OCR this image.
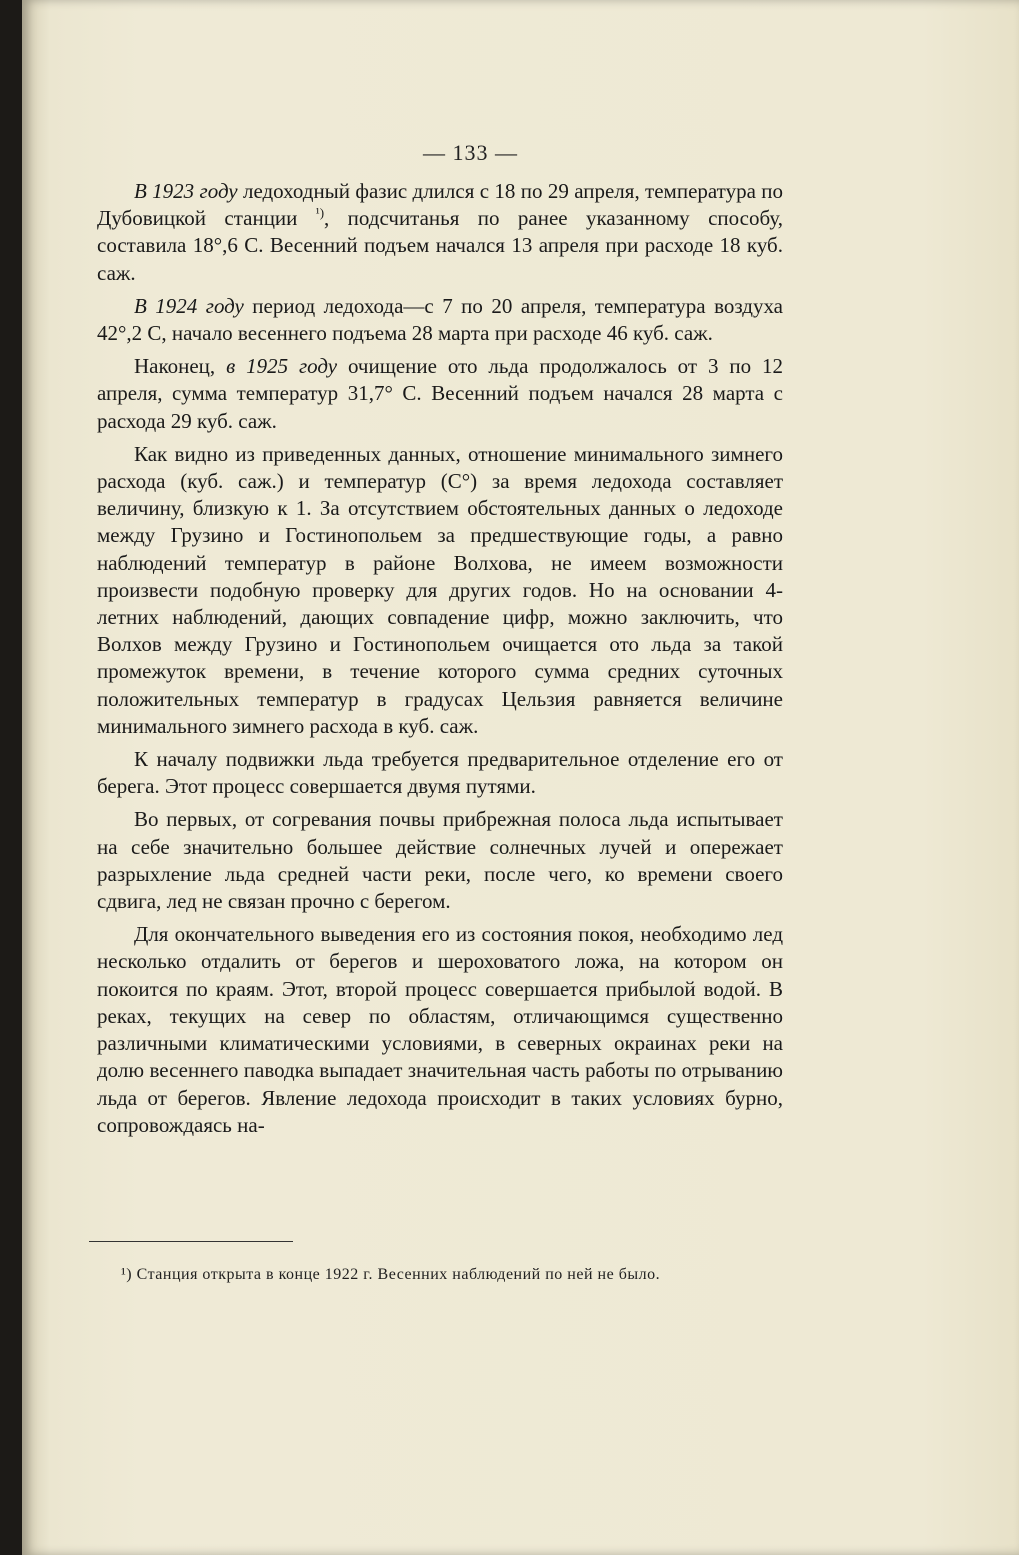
— 133 —

В 1923 году ледоходный фазис длился с 18 по 29 апреля, температура по Дубовицкой станции $^{^1)}$, подсчитанья по ранее указанному способу, составила 18°,6 С. Весенний подъем начался 13 апреля при расходе 18 куб. саж.

В 1924 году период ледохода—с 7 по 20 апреля, температура воздуха 42°,2 С, начало весеннего подъема 28 марта при расходе 46 куб. саж.

Наконец, в 1925 году очищение ото льда продолжалось от 3 по 12 апреля, сумма температур 31,7° С. Весенний подъем начался 28 марта с расхода 29 куб. саж.

Как видно из приведенных данных, отношение минимального зимнего расхода (куб. саж.) и температур (С°) за время ледохода составляет величину, близкую к 1. За отсутствием обстоятельных данных о ледоходе между Грузино и Гостинопольем за предшествующие годы, а равно наблюдений температур в районе Волхова, не имеем возможности произвести подобную проверку для других годов. Но на основании 4-летних наблюдений, дающих совпадение цифр, можно заключить, что Волхов между Грузино и Гостинопольем очищается ото льда за такой промежуток времени, в течение которого сумма средних суточных положительных температур в градусах Цельзия равняется величине минимального зимнего расхода в куб. саж.

К началу подвижки льда требуется предварительное отделение его от берега. Этот процесс совершается двумя путями.

Во первых, от согревания почвы прибрежная полоса льда испытывает на себе значительно большее действие солнечных лучей и опережает разрыхление льда средней части реки, после чего, ко времени своего сдвига, лед не связан прочно с берегом.

Для окончательного выведения его из состояния покоя, необходимо лед несколько отдалить от берегов и шероховатого ложа, на котором он покоится по краям. Этот, второй процесс совершается прибылой водой. В реках, текущих на север по областям, отличающимся существенно различными климатическими условиями, в северных окраинах реки на долю весеннего паводка выпадает значительная часть работы по отрыванию льда от берегов. Явление ледохода происходит в таких условиях бурно, сопровождаясь на-

¹) Станция открыта в конце 1922 г. Весенних наблюдений по ней не было.
